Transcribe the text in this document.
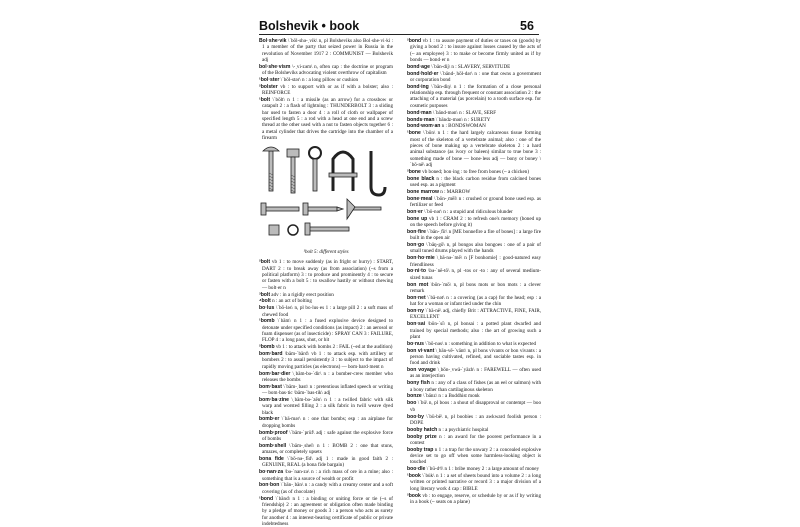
Bolshevik • book	56

Bol·she·vik \ˈbōl-shə-ˌvik\ n, pl Bolsheviks also Bol·she·vi·ki : 1 a member of the party that seized power in Russia in the revolution of November 1917 2 : COMMUNIST — Bolshevik adj

bol·she·vism \-ˌvi-zəm\ n, often cap : the doctrine or program of the Bolsheviks advocating violent overthrow of capitalism

¹bol·ster \ˈbōl-stər\ n : a long pillow or cushion

²bolster vb : to support with or as if with a bolster; also : REINFORCE

¹bolt \ˈbōlt\ n 1 : a missile (as an arrow) for a crossbow or catapult 2 : a flash of lightning : THUNDERBOLT 3 : a sliding bar used to fasten a door 4 : a roll of cloth or wallpaper of specified length 5 : a rod with a head at one end and a screw thread at the other used with a nut to fasten objects together 6 : a metal cylinder that drives the cartridge into the chamber of a firearm

¹bolt 5: different styles

²bolt vb 1 : to move suddenly (as in fright or hurry) : START, DART 2 : to break away (as from association) (~s from a political platform) 3 : to produce and prominently 4 : to secure or fasten with a bolt 5 : to swallow hastily or without chewing — bolt·er n

³bolt adv : in a rigidly erect position

⁴bolt n : an act of bolting

bo·lus \ˈbō-ləs\ n, pl bo·lus·es 1 : a large pill 2 : a soft mass of chewed food

¹bomb \ˈbäm\ n 1 : a fused explosive device designed to detonate under specified conditions (as impact) 2 : an aerosol or foam dispenser (as of insecticide) : SPRAY CAN 3 : FAILURE, FLOP 4 : a long pass, shot, or hit

²bomb vb 1 : to attack with bombs 2 : FAIL (~ed at the audition)

bom·bard \bäm-ˈbärd\ vb 1 : to attack esp. with artillery or bombers 2 : to assail persistently 3 : to subject to the impact of rapidly moving particles (as electrons) — bom·bard·ment n

bom·bar·dier \ˌbäm-bə-ˈdir\ n : a bomber-crew member who releases the bombs

bom·bast \ˈbäm-ˌbast\ n : pretentious inflated speech or writing — bom·bas·tic \bäm-ˈbas-tik\ adj

bom·ba·zine \ˌbäm-bə-ˈzēn\ n 1 : a twilled fabric with silk warp and worsted filling 2 : a silk fabric in twill weave dyed black

bomb·er \ˈbä-mər\ n : one that bombs; esp : an airplane for dropping bombs

bomb·proof \ˈbäm-ˈprüf\ adj : safe against the explosive force of bombs

bomb·shell \ˈbäm-ˌshel\ n 1 : BOMB 2 : one that stuns, amazes, or completely upsets

bona fide \ˈbō-nə-ˌfīd\ adj 1 : made in good faith 2 : GENUINE, REAL (a bona fide bargain)

bo·nan·za \bə-ˈnan-zə\ n : a rich mass of ore in a mine; also : something that is a source of wealth or profit

bon·bon \ˈbän-ˌbän\ n : a candy with a creamy center and a soft covering (as of chocolate)

¹bond \ˈbänd\ n 1 : a binding or uniting force or tie (~s of friendship) 2 : an agreement or obligation often made binding by a pledge of money or goods 3 : a person who acts as surety for another 4 : an interest-bearing certificate of public or private indebtedness

²bond vb 1 : to assure payment of duties or taxes on (goods) by giving a bond 2 : to insure against losses caused by the acts of (~ an employee) 3 : to make or become firmly united as if by bonds — bond·er n

bond·age \ˈbän-dij\ n : SLAVERY, SERVITUDE

bond·hold·er \ˈbänd-ˌhōl-dər\ n : one that owns a government or corporation bond

bond·ing \ˈbän-diŋ\ n 1 : the formation of a close personal relationship esp. through frequent or constant association 2 : the attaching of a material (as porcelain) to a tooth surface esp. for cosmetic purposes

bond·man \ˈbänd-mən\ n : SLAVE, SERF

bonds·man \ˈbändz-mən\ n : SURETY

bond·wom·an n : BONDSWOMAN

¹bone \ˈbōn\ n 1 : the hard largely calcareous tissue forming most of the skeleton of a vertebrate animal; also : one of the pieces of bone making up a vertebrate skeleton 2 : a hard animal substance (as ivory or baleen) similar to true bone 3 : something made of bone — bone·less adj — bony or boney \ˈbō-nē\ adj

²bone vb boned; bon·ing : to free from bones (~ a chicken)

bone black n : the black carbon residue from calcined bones used esp. as a pigment

bone marrow n : MARROW

bone·meal \ˈbōn-ˌmēl\ n : crushed or ground bone used esp. as fertilizer or feed

bon·er \ˈbō-nər\ n : a stupid and ridiculous blunder

bone up vb 1 : CRAM 2 : to refresh one's memory (boned up on the speech before giving it)

bon·fire \ˈbän-ˌfīr\ n [ME bonnefire a fire of bones] : a large fire built in the open air

bon·go \ˈbäŋ-gō\ n, pl bongos also bongoes : one of a pair of small tuned drums played with the hands

bon·ho·mie \ˌbä-nə-ˈmē\ n [F bonhomie] : good-natured easy friendliness

bo·ni·to \bə-ˈnē-tō\ n, pl -tos or -to : any of several medium-sized tunas

bon mot \bōn-ˈmō\ n, pl bons mots or bon mots : a clever remark

bon·net \ˈbä-nət\ n : a covering (as a cap) for the head; esp : a hat for a woman or infant tied under the chin

bon·ny \ˈbä-nē\ adj, chiefly Brit : ATTRACTIVE, FINE, FAIR, EXCELLENT

bon·sai \bōn-ˈsī\ n, pl bonsai : a potted plant dwarfed and trained by special methods; also : the art of growing such a plant

bo·nus \ˈbō-nəs\ n : something in addition to what is expected

bon vi·vant \ˌbän-vē-ˈvänt\ n, pl bons vivants or bon vivants : a person having cultivated, refined, and sociable tastes esp. in food and drink

bon voyage \ˌbōn-ˌvwä-ˈyäzh\ n : FAREWELL — often used as an interjection

bony fish n : any of a class of fishes (as an eel or salmon) with a bony rather than cartilaginous skeleton

bonze \ˈbänz\ n : a Buddhist monk

boo \ˈbü\ n, pl boos : a shout of disapproval or contempt — boo vb

boo·by \ˈbü-bē\ n, pl boobies : an awkward foolish person : DOPE

booby hatch n : a psychiatric hospital

booby prize n : an award for the poorest performance in a contest

booby trap n 1 : a trap for the unwary 2 : a concealed explosive device set to go off when some harmless-looking object is touched

boo·dle \ˈbü-dᵊl\ n 1 : bribe money 2 : a large amount of money

¹book \ˈbu̇k\ n 1 : a set of sheets bound into a volume 2 : a long written or printed narrative or record 3 : a major division of a long literary work 4 cap : BIBLE

²book vb : to engage, reserve, or schedule by or as if by writing in a book (~ seats on a plane)
